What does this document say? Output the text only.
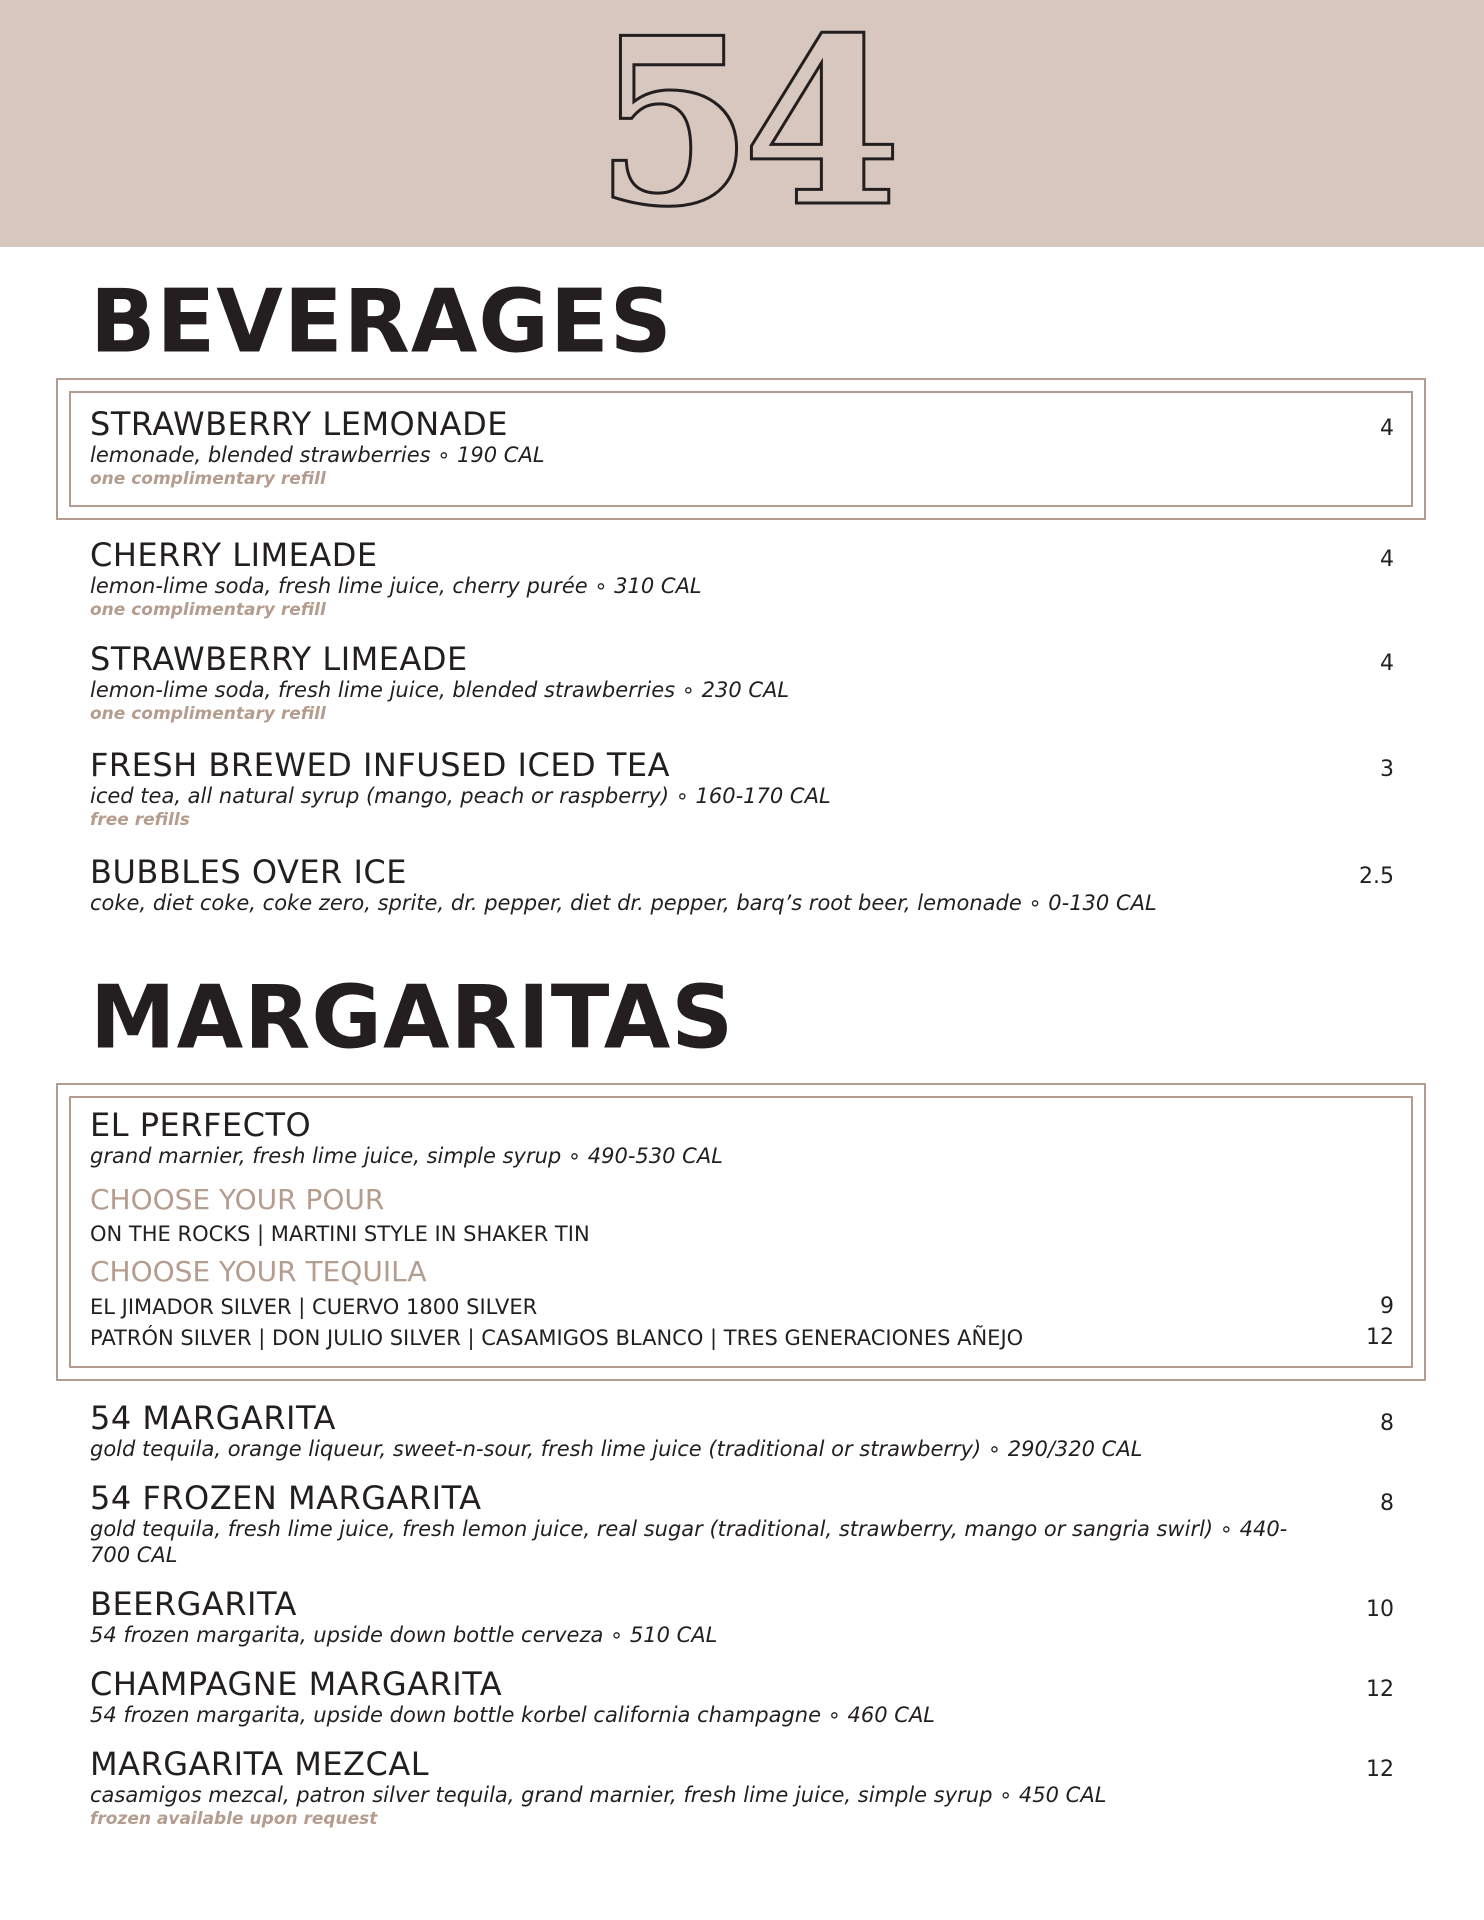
54
BEVERAGES
STRAWBERRY LEMONADE
lemonade, blended strawberries ∘ 190 CAL
one complimentary refill
4
CHERRY LIMEADE
lemon-lime soda, fresh lime juice, cherry purée ∘ 310 CAL
one complimentary refill
4
STRAWBERRY LIMEADE
lemon-lime soda, fresh lime juice, blended strawberries ∘ 230 CAL
one complimentary refill
4
FRESH BREWED INFUSED ICED TEA
iced tea, all natural syrup (mango, peach or raspberry) ∘ 160-170 CAL
free refills
3
BUBBLES OVER ICE
coke, diet coke, coke zero, sprite, dr. pepper, diet dr. pepper, barq’s root beer, lemonade ∘ 0-130 CAL
2.5
MARGARITAS
EL PERFECTO
grand marnier, fresh lime juice, simple syrup ∘ 490-530 CAL
CHOOSE YOUR POUR
ON THE ROCKS | MARTINI STYLE IN SHAKER TIN
CHOOSE YOUR TEQUILA
EL JIMADOR SILVER | CUERVO 1800 SILVER	9
PATRÓN SILVER | DON JULIO SILVER | CASAMIGOS BLANCO | TRES GENERACIONES AÑEJO	12
54 MARGARITA
gold tequila, orange liqueur, sweet-n-sour, fresh lime juice (traditional or strawberry) ∘ 290/320 CAL
8
54 FROZEN MARGARITA
gold tequila, fresh lime juice, fresh lemon juice, real sugar (traditional, strawberry, mango or sangria swirl) ∘ 440-700 CAL
8
BEERGARITA
54 frozen margarita, upside down bottle cerveza ∘ 510 CAL
10
CHAMPAGNE MARGARITA
54 frozen margarita, upside down bottle korbel california champagne ∘ 460 CAL
12
MARGARITA MEZCAL
casamigos mezcal, patron silver tequila, grand marnier, fresh lime juice, simple syrup ∘ 450 CAL
frozen available upon request
12
